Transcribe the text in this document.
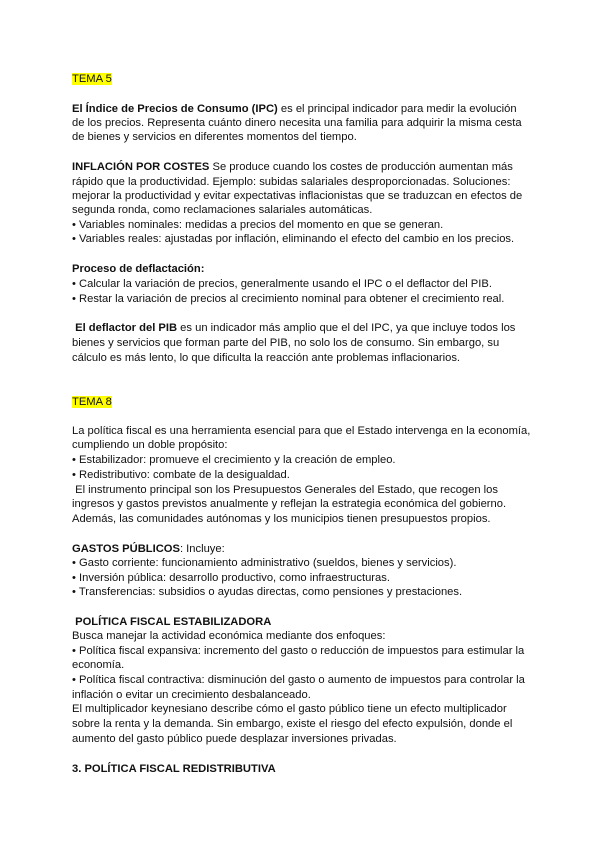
TEMA 5
El Índice de Precios de Consumo (IPC) es el principal indicador para medir la evolución
de los precios. Representa cuánto dinero necesita una familia para adquirir la misma cesta
de bienes y servicios en diferentes momentos del tiempo.
INFLACIÓN POR COSTES Se produce cuando los costes de producción aumentan más
rápido que la productividad. Ejemplo: subidas salariales desproporcionadas. Soluciones:
mejorar la productividad y evitar expectativas inflacionistas que se traduzcan en efectos de
segunda ronda, como reclamaciones salariales automáticas.
• Variables nominales: medidas a precios del momento en que se generan.
• Variables reales: ajustadas por inflación, eliminando el efecto del cambio en los precios.
Proceso de deflactación:
• Calcular la variación de precios, generalmente usando el IPC o el deflactor del PIB.
• Restar la variación de precios al crecimiento nominal para obtener el crecimiento real.
El deflactor del PIB es un indicador más amplio que el del IPC, ya que incluye todos los
bienes y servicios que forman parte del PIB, no solo los de consumo. Sin embargo, su
cálculo es más lento, lo que dificulta la reacción ante problemas inflacionarios.
TEMA 8
La política fiscal es una herramienta esencial para que el Estado intervenga en la economía,
cumpliendo un doble propósito:
• Estabilizador: promueve el crecimiento y la creación de empleo.
• Redistributivo: combate de la desigualdad.
El instrumento principal son los Presupuestos Generales del Estado, que recogen los
ingresos y gastos previstos anualmente y reflejan la estrategia económica del gobierno.
Además, las comunidades autónomas y los municipios tienen presupuestos propios.
GASTOS PÚBLICOS: Incluye:
• Gasto corriente: funcionamiento administrativo (sueldos, bienes y servicios).
• Inversión pública: desarrollo productivo, como infraestructuras.
• Transferencias: subsidios o ayudas directas, como pensiones y prestaciones.
POLÍTICA FISCAL ESTABILIZADORA
Busca manejar la actividad económica mediante dos enfoques:
• Política fiscal expansiva: incremento del gasto o reducción de impuestos para estimular la
economía.
• Política fiscal contractiva: disminución del gasto o aumento de impuestos para controlar la
inflación o evitar un crecimiento desbalanceado.
El multiplicador keynesiano describe cómo el gasto público tiene un efecto multiplicador
sobre la renta y la demanda. Sin embargo, existe el riesgo del efecto expulsión, donde el
aumento del gasto público puede desplazar inversiones privadas.
3. POLÍTICA FISCAL REDISTRIBUTIVA
